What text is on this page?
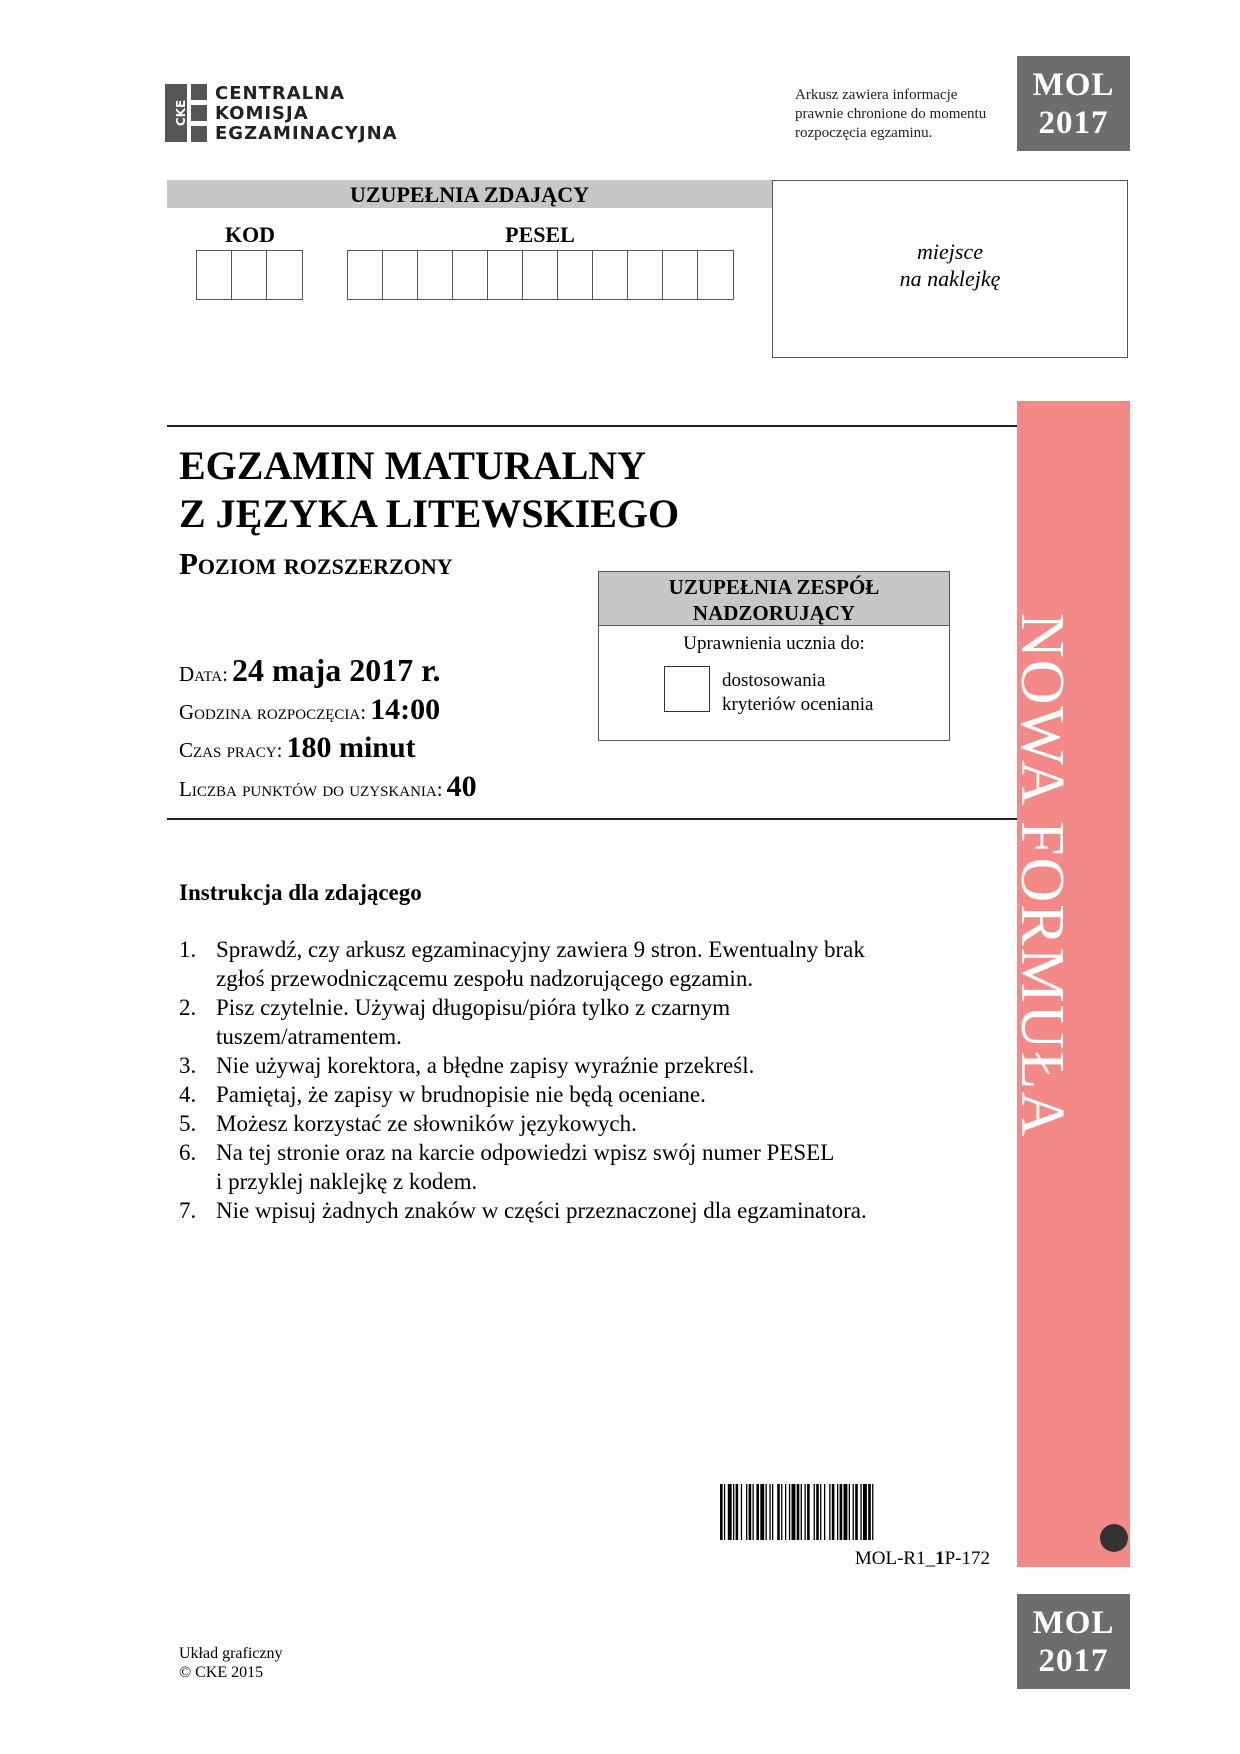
CKE
CENTRALNA
KOMISJA
EGZAMINACYJNA
Arkusz zawiera informacje
prawnie chronione do momentu
rozpoczęcia egzaminu.
MOL
2017
UZUPEŁNIA ZDAJĄCY
KOD	PESEL
miejsce
na naklejkę
EGZAMIN MATURALNY
Z JĘZYKA LITEWSKIEGO
Poziom rozszerzony
Data: 24 maja 2017 r.
Godzina rozpoczęcia: 14:00
Czas pracy: 180 minut
Liczba punktów do uzyskania: 40
UZUPEŁNIA ZESPÓŁ
NADZORUJĄCY
Uprawnienia ucznia do:
dostosowania
kryteriów oceniania NOWA FORMUŁA
Instrukcja dla zdającego
1. Sprawdź, czy arkusz egzaminacyjny zawiera 9 stron. Ewentualny brak
zgłoś przewodniczącemu zespołu nadzorującego egzamin.
2. Pisz czytelnie. Używaj długopisu/pióra tylko z czarnym
tuszem/atramentem.
3. Nie używaj korektora, a błędne zapisy wyraźnie przekreśl.
4. Pamiętaj, że zapisy w brudnopisie nie będą oceniane.
5. Możesz korzystać ze słowników językowych.
6. Na tej stronie oraz na karcie odpowiedzi wpisz swój numer PESEL
i przyklej naklejkę z kodem.
7. Nie wpisuj żadnych znaków w części przeznaczonej dla egzaminatora.
MOL-R1_1P-172
MOL
2017
Układ graficzny
© CKE 2015
